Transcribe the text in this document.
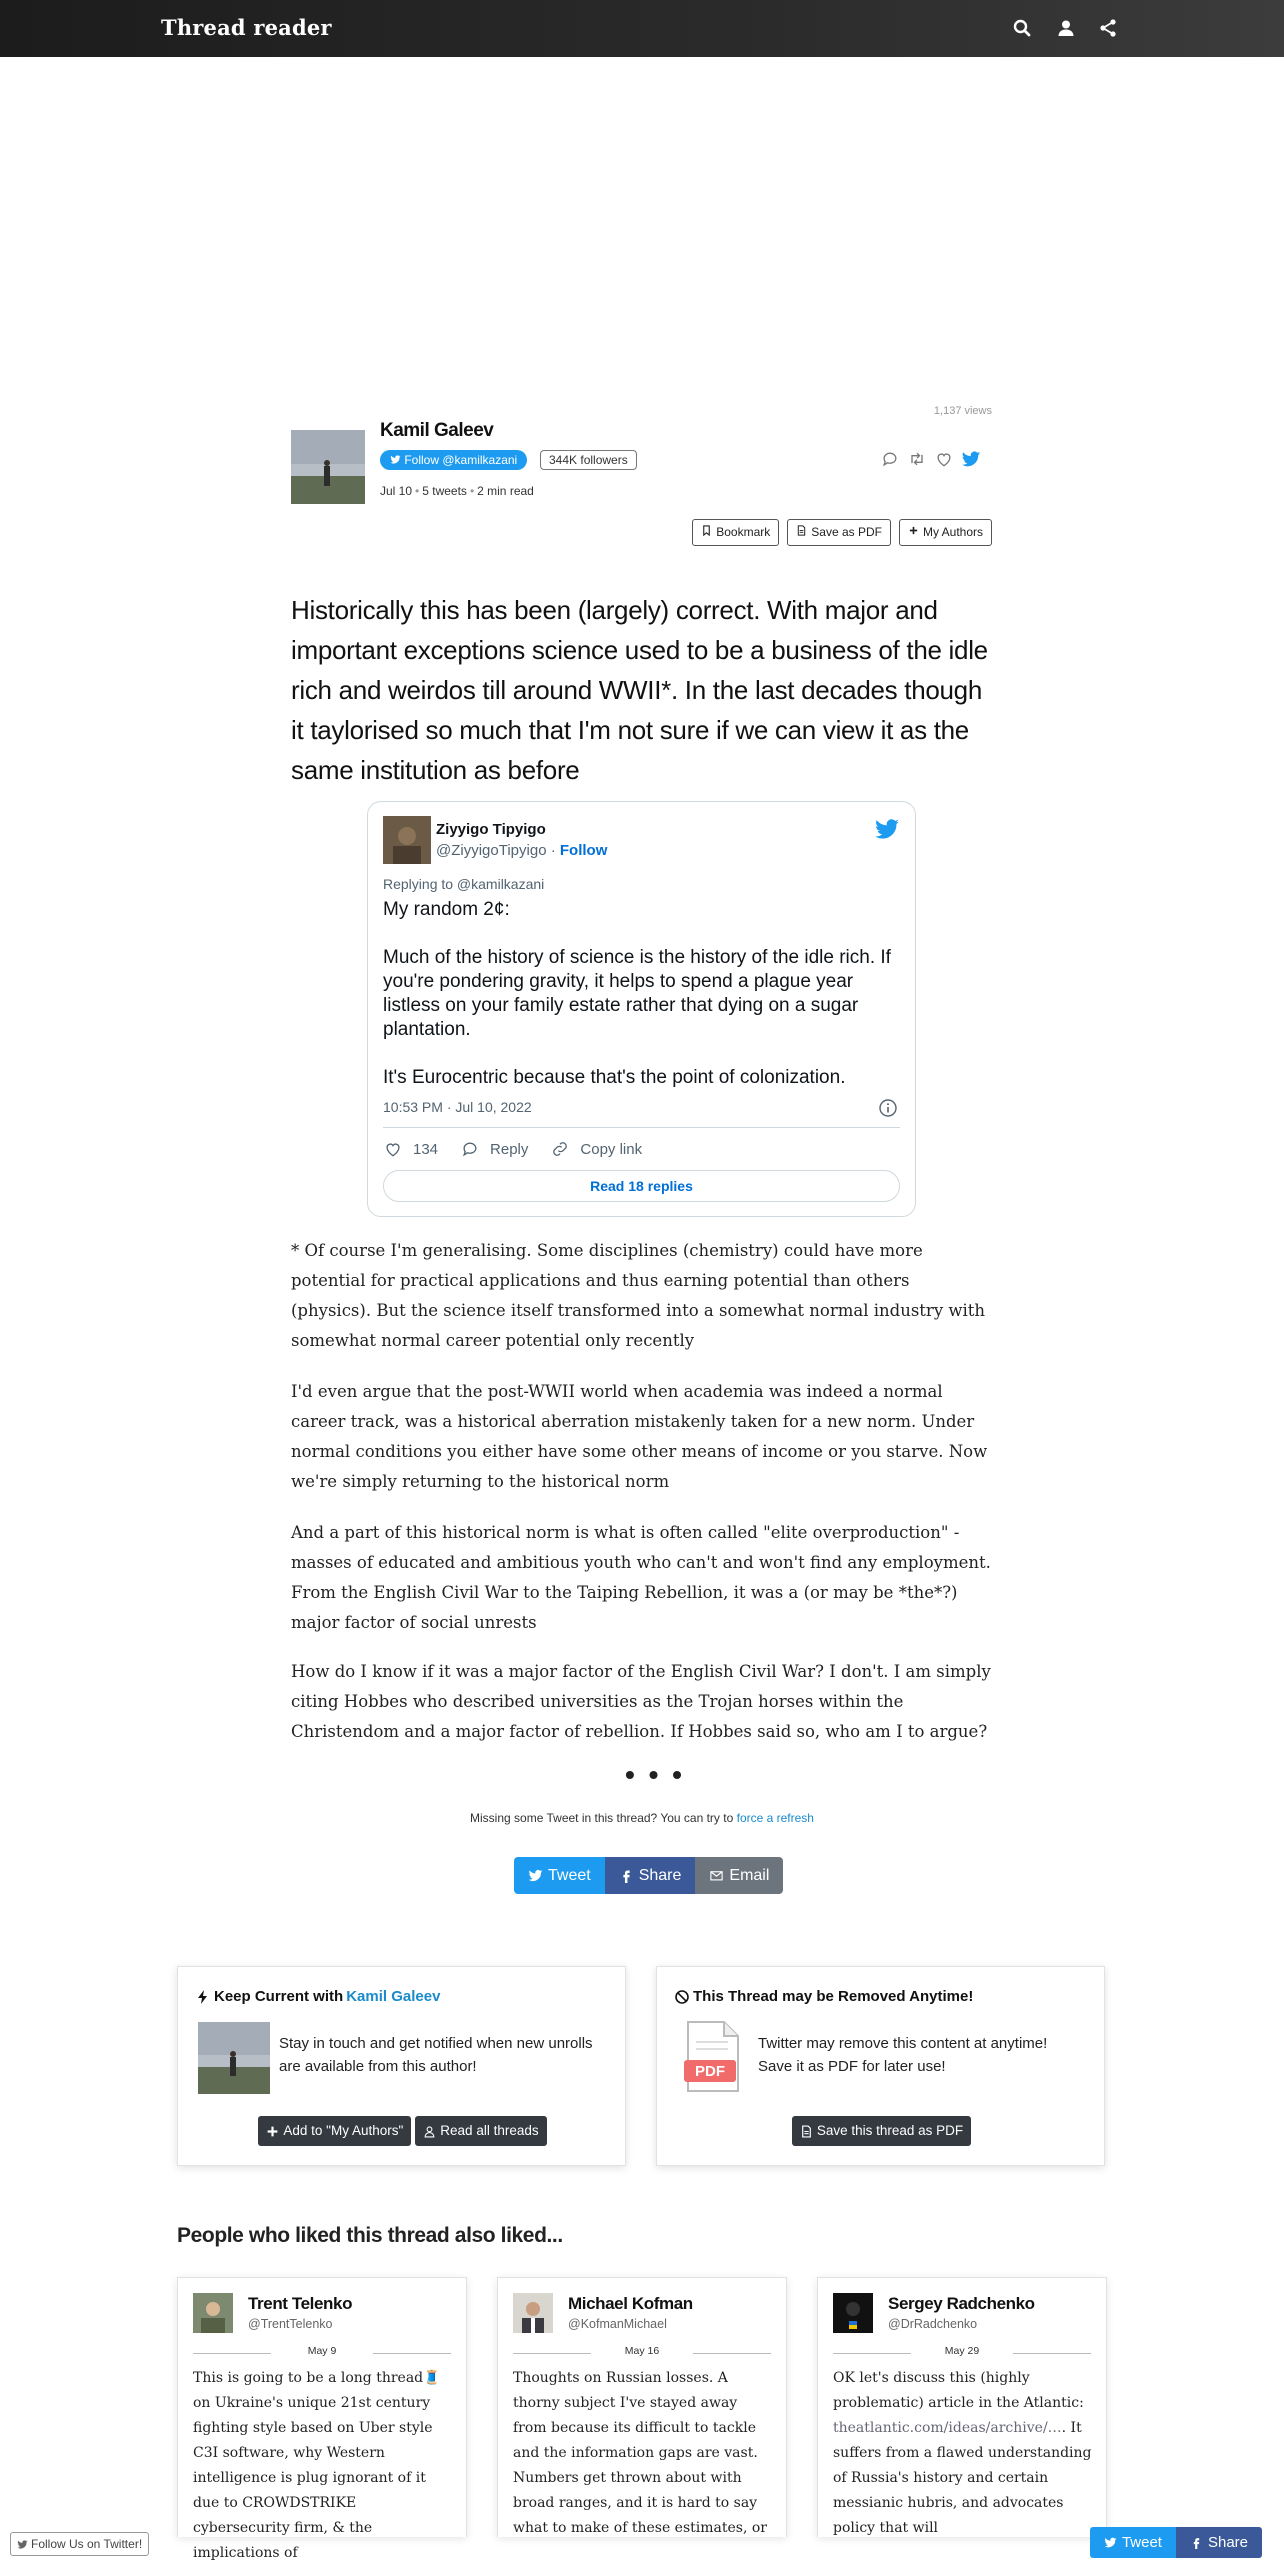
Thread reader
1,137 views
Kamil Galeev
Follow @kamilkazani	344K followers
Jul 10 • 5 tweets • 2 min read
Bookmark	Save as PDF	My Authors
Historically this has been (largely) correct. With major and important exceptions science used to be a business of the idle rich and weirdos till around WWII*. In the last decades though it taylorised so much that I'm not sure if we can view it as the same institution as before
Ziyyigo Tipyigo
@ZiyyigoTipyigo · Follow
Replying to @kamilkazani
My random 2¢:

Much of the history of science is the history of the idle rich. If you're pondering gravity, it helps to spend a plague year listless on your family estate rather that dying on a sugar plantation.

It's Eurocentric because that's the point of colonization.
10:53 PM · Jul 10, 2022
134	Reply	Copy link
Read 18 replies
* Of course I'm generalising. Some disciplines (chemistry) could have more potential for practical applications and thus earning potential than others (physics). But the science itself transformed into a somewhat normal industry with somewhat normal career potential only recently
I'd even argue that the post-WWII world when academia was indeed a normal career track, was a historical aberration mistakenly taken for a new norm. Under normal conditions you either have some other means of income or you starve. Now we're simply returning to the historical norm
And a part of this historical norm is what is often called "elite overproduction" - masses of educated and ambitious youth who can't and won't find any employment. From the English Civil War to the Taiping Rebellion, it was a (or may be *the*?) major factor of social unrests
How do I know if it was a major factor of the English Civil War? I don't. I am simply citing Hobbes who described universities as the Trojan horses within the Christendom and a major factor of rebellion. If Hobbes said so, who am I to argue?
• • •
Missing some Tweet in this thread? You can try to force a refresh
Tweet	Share	Email
Keep Current with Kamil Galeev
Stay in touch and get notified when new unrolls are available from this author!
Add to "My Authors"	Read all threads
This Thread may be Removed Anytime!
PDF
Twitter may remove this content at anytime! Save it as PDF for later use!
Save this thread as PDF
People who liked this thread also liked...
Trent Telenko
@TrentTelenko
May 9
This is going to be a long thread🧵 on Ukraine's unique 21st century fighting style based on Uber style C3I software, why Western intelligence is plug ignorant of it due to CROWDSTRIKE cybersecurity firm, & the implications of
Michael Kofman
@KofmanMichael
May 16
Thoughts on Russian losses. A thorny subject I've stayed away from because its difficult to tackle and the information gaps are vast. Numbers get thrown about with broad ranges, and it is hard to say what to make of these estimates, or
Sergey Radchenko
@DrRadchenko
May 29
OK let's discuss this (highly problematic) article in the Atlantic: theatlantic.com/ideas/archive/…. It suffers from a flawed understanding of Russia's history and certain messianic hubris, and advocates policy that will
Follow Us on Twitter!	Tweet	Share
